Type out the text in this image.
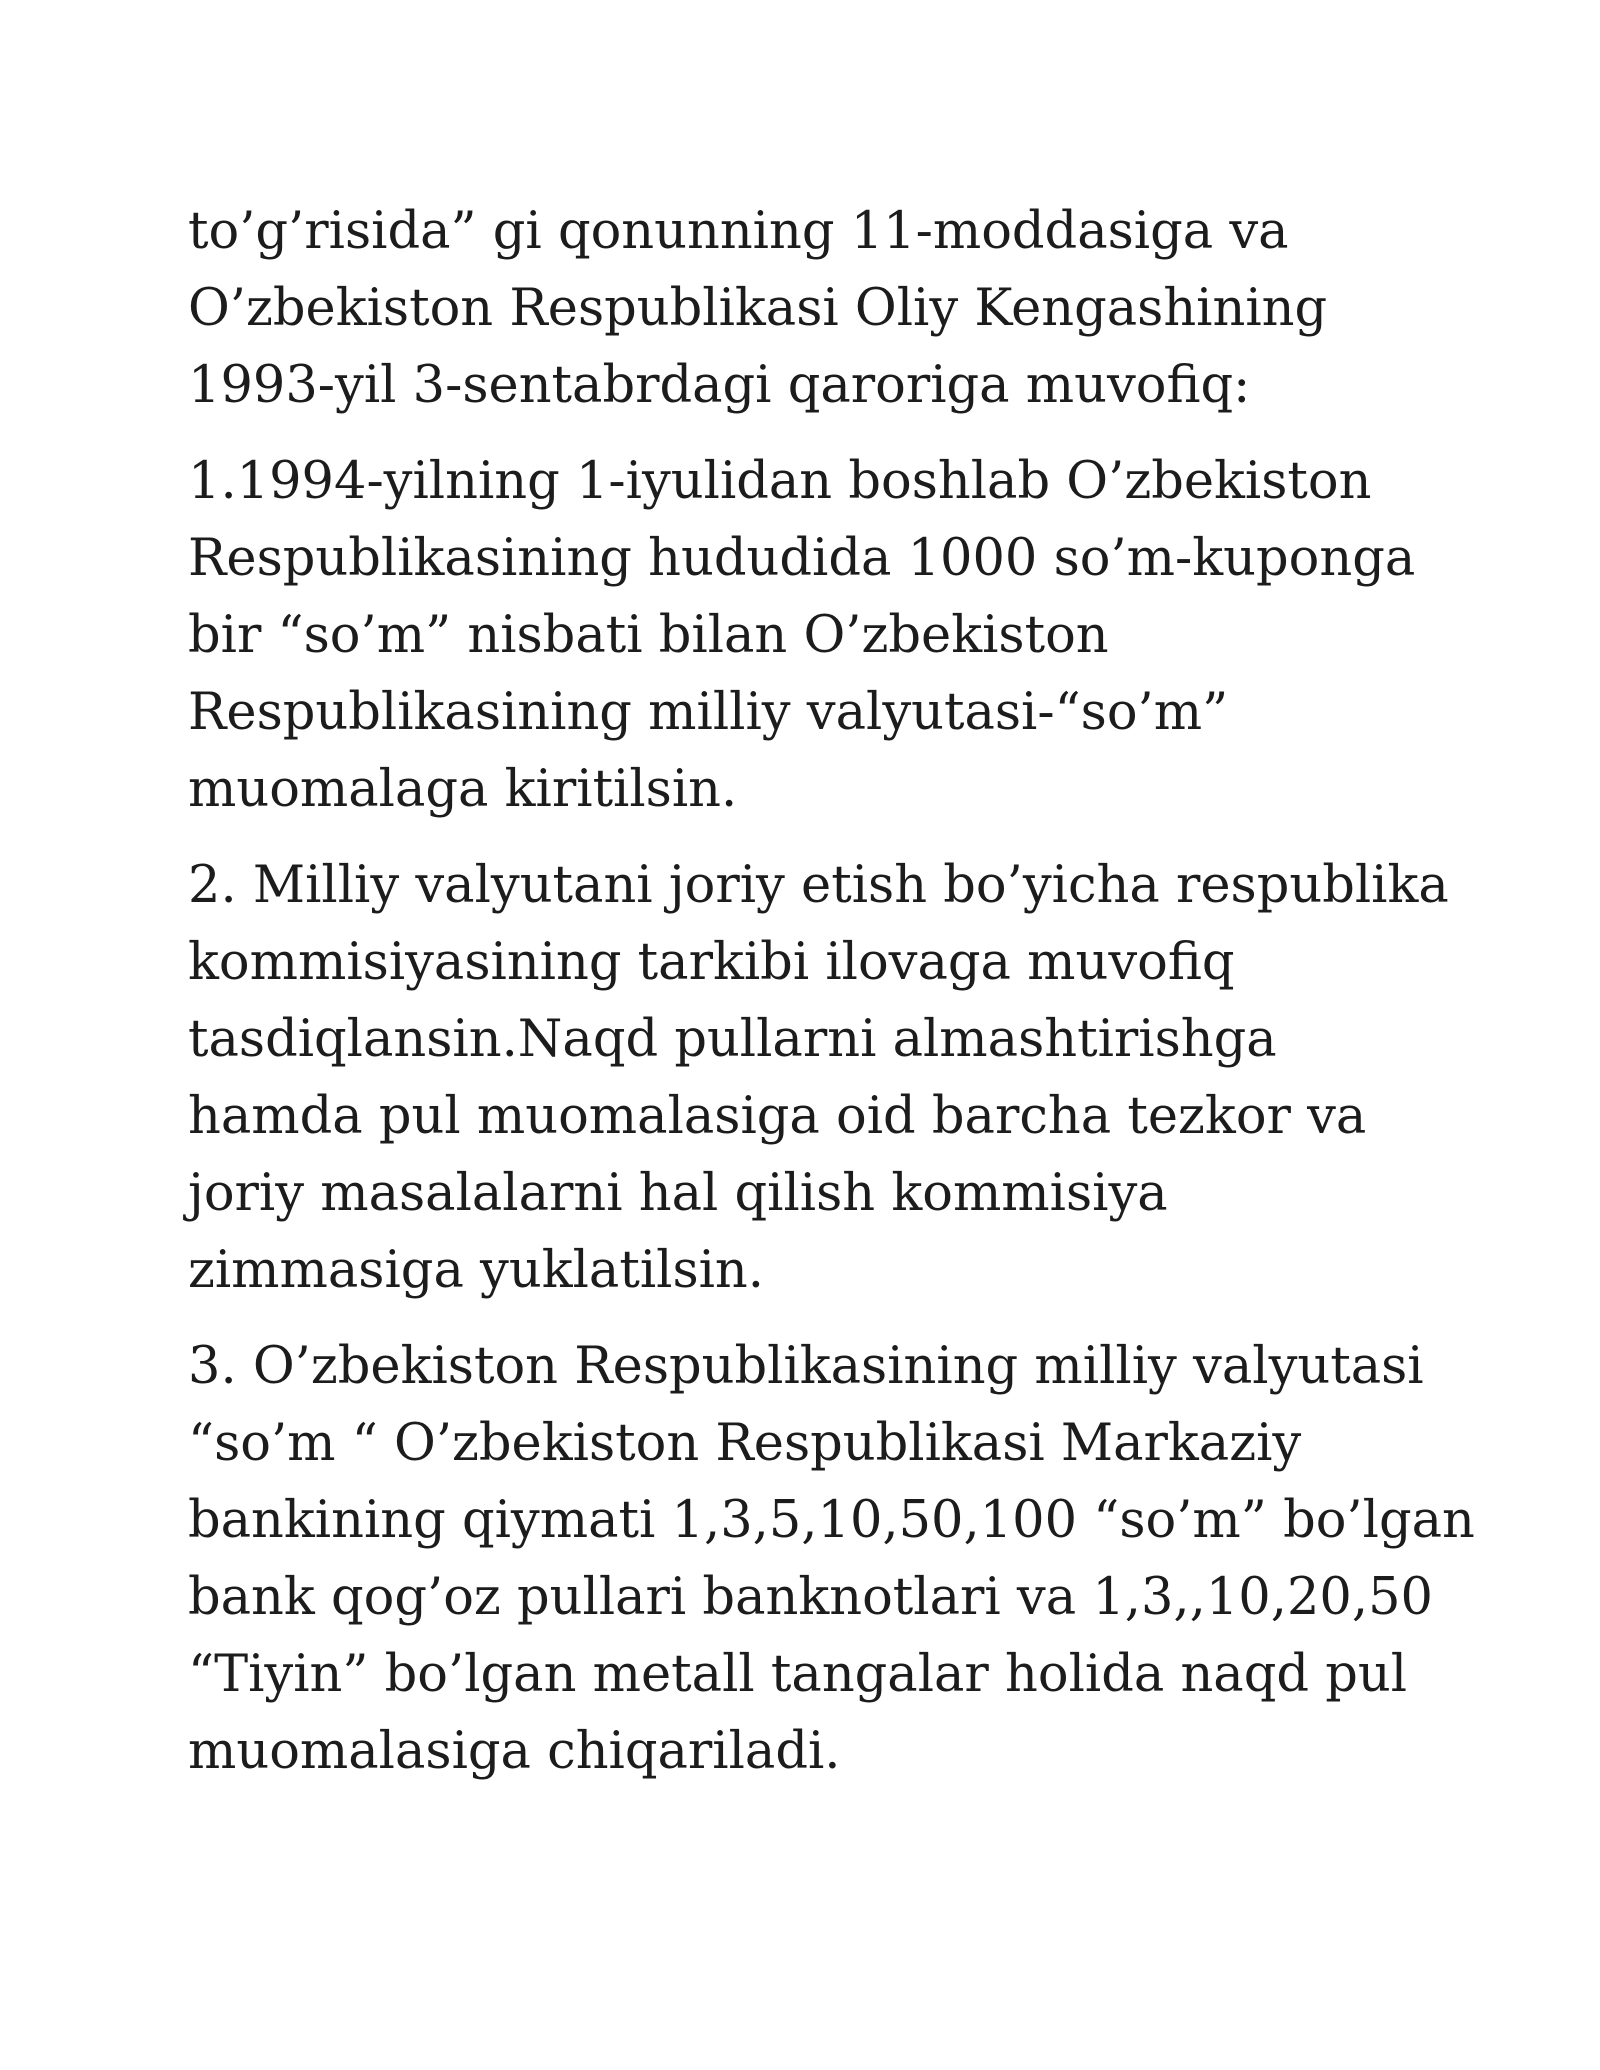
to’g’risida” gi qonunning 11-moddasiga va
O’zbekiston Respublikasi Oliy Kengashining
1993-yil 3-sentabrdagi qaroriga muvofiq:

1.1994-yilning 1-iyulidan boshlab O’zbekiston
Respublikasining hududida 1000 so’m-kuponga
bir “so’m” nisbati bilan O’zbekiston
Respublikasining milliy valyutasi-“so’m”
muomalaga kiritilsin.

2. Milliy valyutani joriy etish bo’yicha respublika
kommisiyasining tarkibi ilovaga muvofiq
tasdiqlansin.Naqd pullarni almashtirishga
hamda pul muomalasiga oid barcha tezkor va
joriy masalalarni hal qilish kommisiya
zimmasiga yuklatilsin.

3. O’zbekiston Respublikasining milliy valyutasi
“so’m “ O’zbekiston Respublikasi Markaziy
bankining qiymati 1,3,5,10,50,100 “so’m” bo’lgan
bank qog’oz pullari banknotlari va 1,3,,10,20,50
“Tiyin” bo’lgan metall tangalar holida naqd pul
muomalasiga chiqariladi.
